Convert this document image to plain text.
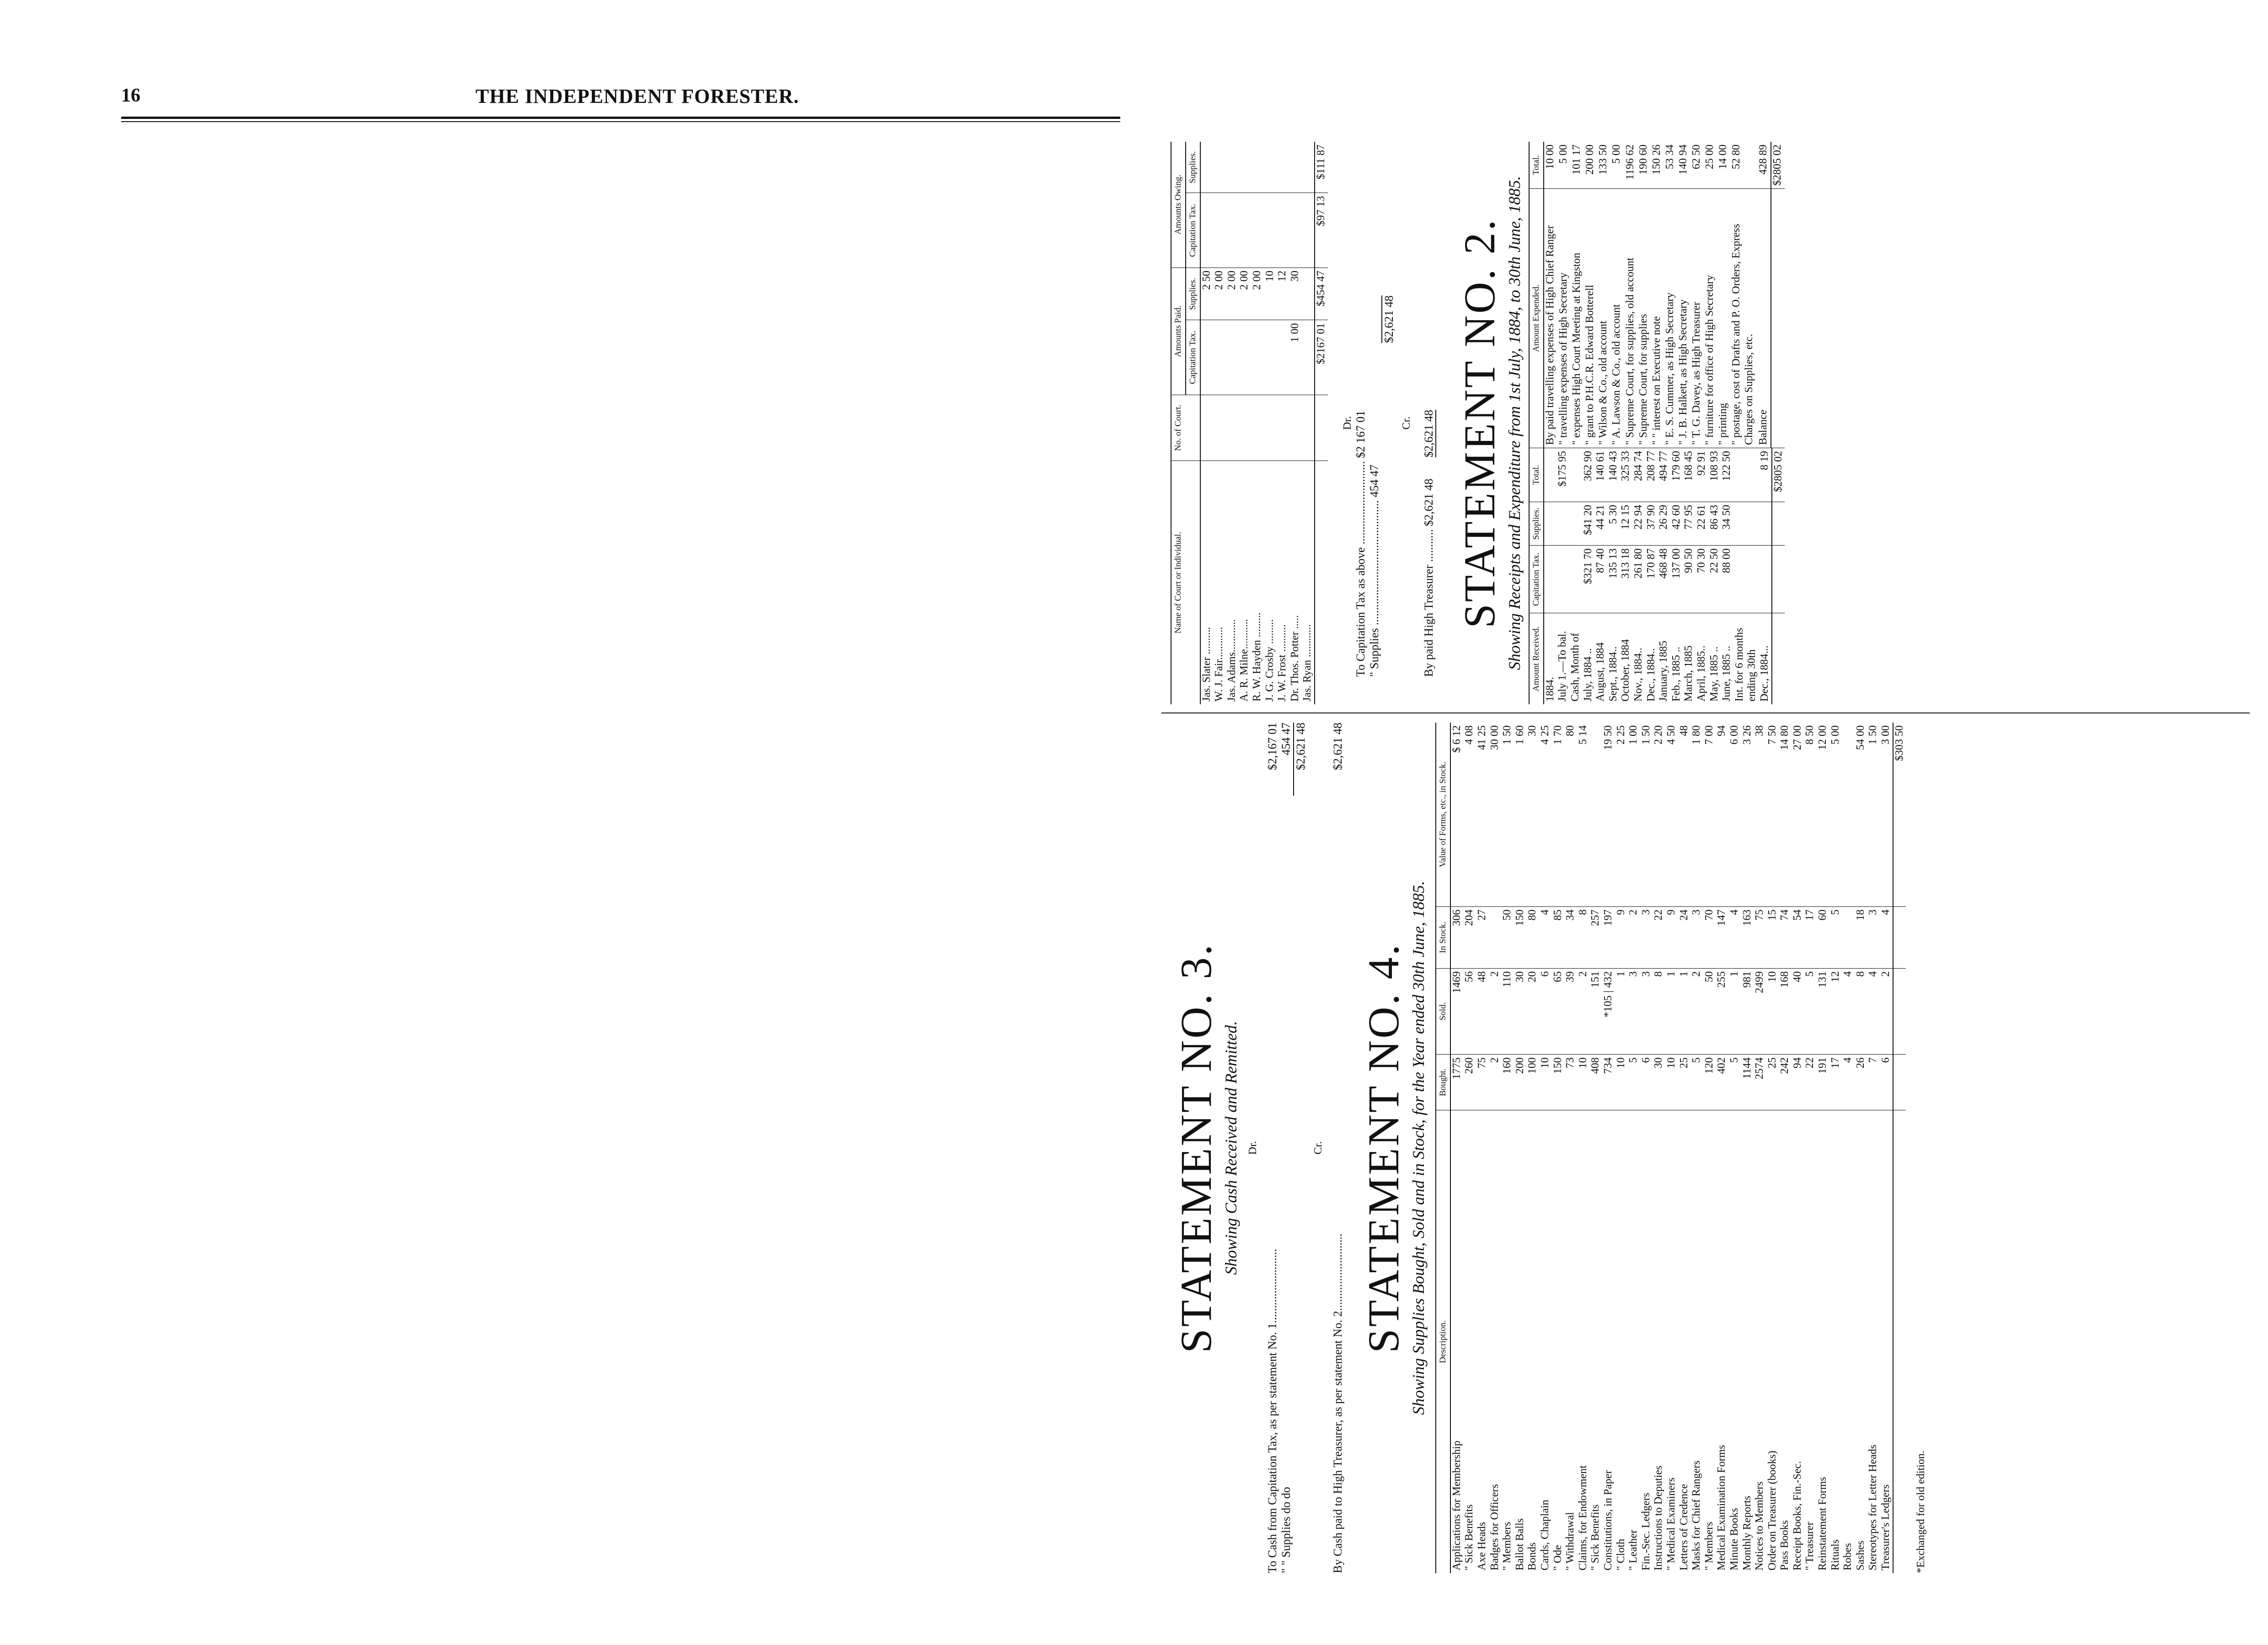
16	THE INDEPENDENT FORESTER.
Name of Court or Individual.	No. of Court.	Amounts Paid.		Amounts Owing.	
		Capitation Tax.	Supplies.	Capitation Tax.	Supplies.
Jas. Slater ..........			2 50		
W. J. Fair............			2 00		
Jas. Adams............			2 00		
A. R. Milne...........			2 00		
R. W. Hayden .........			2 00		
J. G. Crosby .........			10		
J. W. Frost ..........			12		
Dr. Thos. Potter .....		1 00	30		
Jas. Ryan ............					
		$2167 01	$454 47	$97 13	$111 87
Dr.
To Capitation Tax as above ............................ $2 167 01
" Supplies .......................................... 454 47
$2,621 48
Cr.
By paid High Treasurer ........... $2,621 48 $2,621 48 STATEMENT NO. 2. Showing Receipts and Expenditure from 1st July, 1884, to 30th June, 1885. Amount Received.	Capitation Tax.	Supplies.	Total.
1884.			
July 1.—To bal.			$175 95
Cash, Month of			
July, 1884 ..	$321 70	$41 20	362 90
August, 1884	87 40	44 21	140 61
Sept., 1884..	135 13	5 30	140 43
October, 1884	313 18	12 15	325 33
Nov., 1884..	261 80	22 94	284 74
Dec., 1884..	170 87	37 90	208 77
January, 1885	468 48	26 29	494 77
Feb., 1885 ..	137 00	42 60	179 60
March, 1885	90 50	77 95	168 45
April, 1885..	70 30	22 61	92 91
May, 1885 ..	22 50	86 43	108 93
June, 1885 ..	88 00	34 50	122 50
Int. for 6 months			
ending 30th			
Dec., 1884...			8 19
			$2805 02
Amount Expended.	Total.
By paid travelling expenses of High Chief Ranger	10 00
" travelling expenses of High Secretary	5 00
" expenses High Court Meeting at Kingston	101 17
" grant to P.H.C.R. Edward Botterell	200 00
" Wilson & Co., old account	133 50
" A. Lawson & Co., old account	5 00
" Supreme Court, for supplies, old account	1196 62
" Supreme Court, for supplies	190 60
" " interest on Executive note	150 26
" E. S. Cummer, as High Secretary	53 34
" J. B. Halkett, as High Secretary	140 94
" T. G. Davey, as High Treasurer	62 50
" furniture for office of High Secretary	25 00
" printing	14 00
" postage, cost of Drafts and P. O. Orders, Express Charges on Supplies, etc.	52 80
Balance	428 89
	$2805 02
STATEMENT NO. 3. Showing Cash Received and Remitted. Dr.
To Cash from Capitation Tax, as per statement No. 1.........................
$2,167 01
" " Supplies do do
454 47 $2,621 48
Cr.
By Cash paid to High Treasurer, as per statement No. 2..........................
$2,621 48
STATEMENT NO. 4. Showing Supplies Bought, Sold and in Stock, for the Year ended 30th June, 1885. Description.	Bought.	Sold.	In Stock.	Value of Forms, etc., in Stock.
Applications for Membership	1775	1469	306	$ 6 12
" Sick Benefits	260	56	204	4 08
Axe Heads	75	48	27	41 25
Badges for Officers	2	2		30 00
" Members	160	110	50	1 50
Ballot Balls	200	30	150	1 60
Bonds	100	20	80	30
Cards, Chaplain	10	6	4	4 25
" Ode	150	65	85	1 70
" Withdrawal	73	39	34	80
Claims, for Endowment	10	2	8	5 14
" Sick Benefits	408	151	257	
Constitutions, in Paper	734	*105 | 432	197	19 50
" Cloth	10	1	9	2 25
" Leather	5	3	2	1 00
Fin.-Sec. Ledgers	6	3	3	1 50
Instructions to Deputies	30	8	22	2 20
" Medical Examiners	10	1	9	4 50
Letters of Credence	25	1	24	48
Masks for Chief Rangers	5	2	3	1 80
" Members	120	50	70	7 00
Medical Examination Forms	402	255	147	94
Minute Books	5	1	4	6 00
Monthly Reports	1144	981	163	3 26
Notices to Members	2574	2499	75	38
Order on Treasurer (books)	25	10	15	7 50
Pass Books	242	168	74	14 80
Receipt Books, Fin.-Sec.	94	40	54	27 00
" Treasurer	22	5	17	8 50
Reinstatement Forms	191	131	60	12 00
Rituals	17	12	5	5 00
Robes	4	4		
Sashes	26	8	18	54 00
Stereotypes for Letter Heads	7	4	3	1 50
Treasurer's Ledgers	6	2	4	3 00
				$303 50
*Exchanged for old edition.
